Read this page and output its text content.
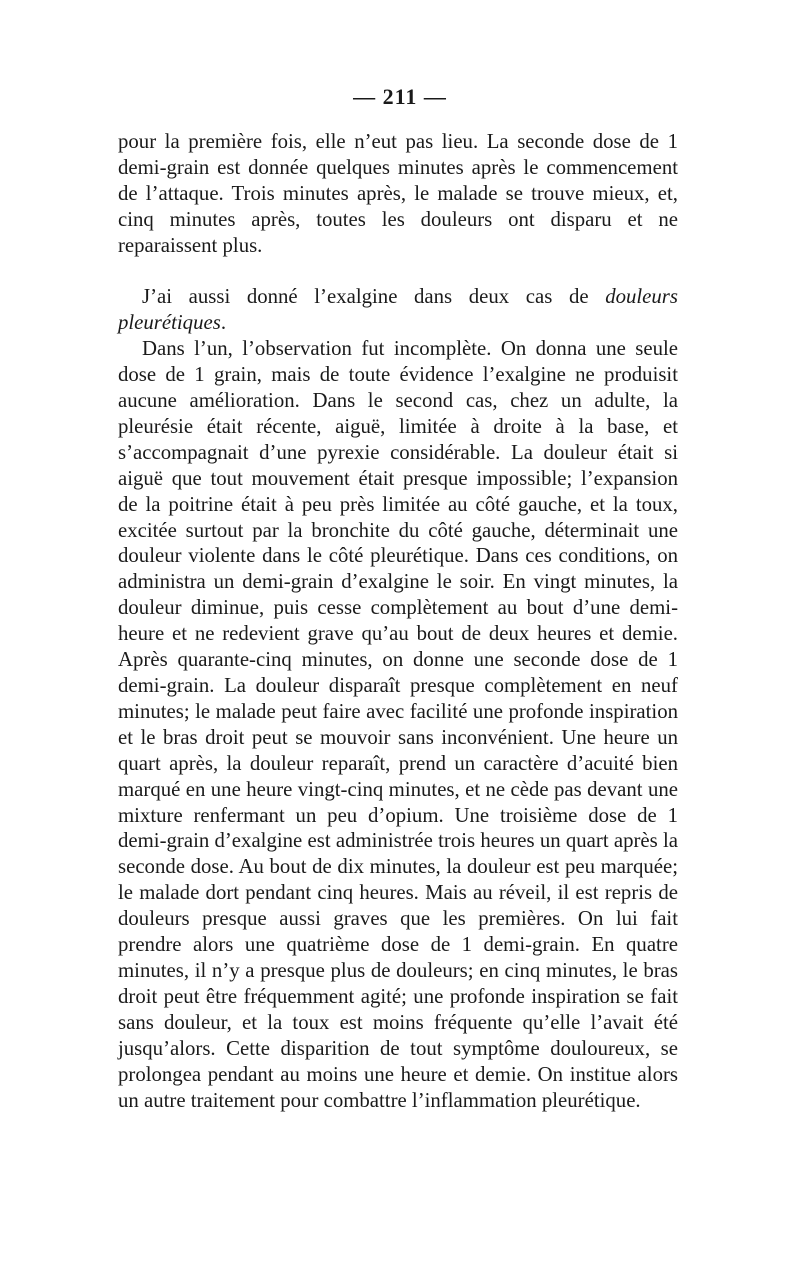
— 211 —

pour la première fois, elle n’eut pas lieu. La seconde dose de 1 demi-grain est donnée quelques minutes après le commencement de l’attaque. Trois minutes après, le malade se trouve mieux, et, cinq minutes après, toutes les douleurs ont disparu et ne reparaissent plus.

J’ai aussi donné l’exalgine dans deux cas de douleurs pleurétiques.

Dans l’un, l’observation fut incomplète. On donna une seule dose de 1 grain, mais de toute évidence l’exalgine ne produisit aucune amélioration. Dans le second cas, chez un adulte, la pleurésie était récente, aiguë, limitée à droite à la base, et s’accompagnait d’une pyrexie considérable. La douleur était si aiguë que tout mouvement était presque impossible; l’expansion de la poitrine était à peu près limitée au côté gauche, et la toux, excitée surtout par la bronchite du côté gauche, déterminait une douleur violente dans le côté pleurétique. Dans ces conditions, on administra un demi-grain d’exalgine le soir. En vingt minutes, la douleur diminue, puis cesse complètement au bout d’une demi-heure et ne redevient grave qu’au bout de deux heures et demie. Après quarante-cinq minutes, on donne une seconde dose de 1 demi-grain. La douleur disparaît presque complètement en neuf minutes; le malade peut faire avec facilité une profonde inspiration et le bras droit peut se mouvoir sans inconvénient. Une heure un quart après, la douleur reparaît, prend un caractère d’acuité bien marqué en une heure vingt-cinq minutes, et ne cède pas devant une mixture renfermant un peu d’opium. Une troisième dose de 1 demi-grain d’exalgine est administrée trois heures un quart après la seconde dose. Au bout de dix minutes, la douleur est peu marquée; le malade dort pendant cinq heures. Mais au réveil, il est repris de douleurs presque aussi graves que les premières. On lui fait prendre alors une quatrième dose de 1 demi-grain. En quatre minutes, il n’y a presque plus de douleurs; en cinq minutes, le bras droit peut être fréquemment agité; une profonde inspiration se fait sans douleur, et la toux est moins fréquente qu’elle l’avait été jusqu’alors. Cette disparition de tout symptôme douloureux, se prolongea pendant au moins une heure et demie. On institue alors un autre traitement pour combattre l’inflammation pleurétique.
